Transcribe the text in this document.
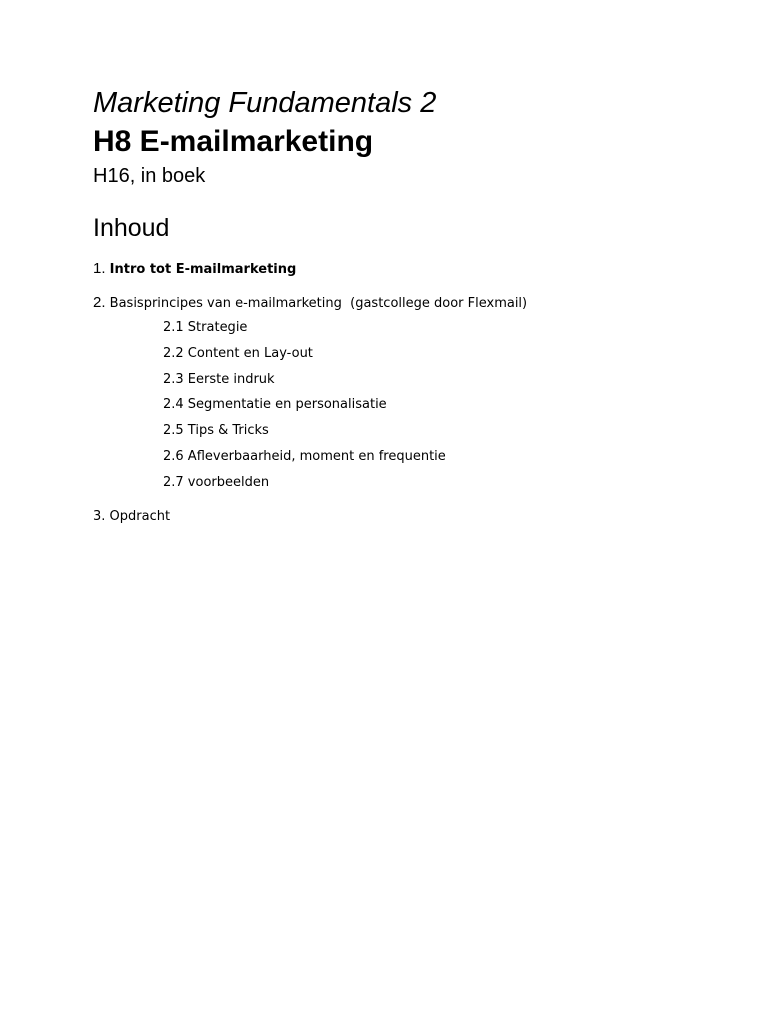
Marketing Fundamentals 2
H8 E-mailmarketing
H16, in boek
Inhoud
1. Intro tot E-mailmarketing
2. Basisprincipes van e-mailmarketing  (gastcollege door Flexmail)
2.1 Strategie
2.2 Content en Lay-out
2.3 Eerste indruk
2.4 Segmentatie en personalisatie
2.5 Tips & Tricks
2.6 Afleverbaarheid, moment en frequentie
2.7 voorbeelden
3. Opdracht
